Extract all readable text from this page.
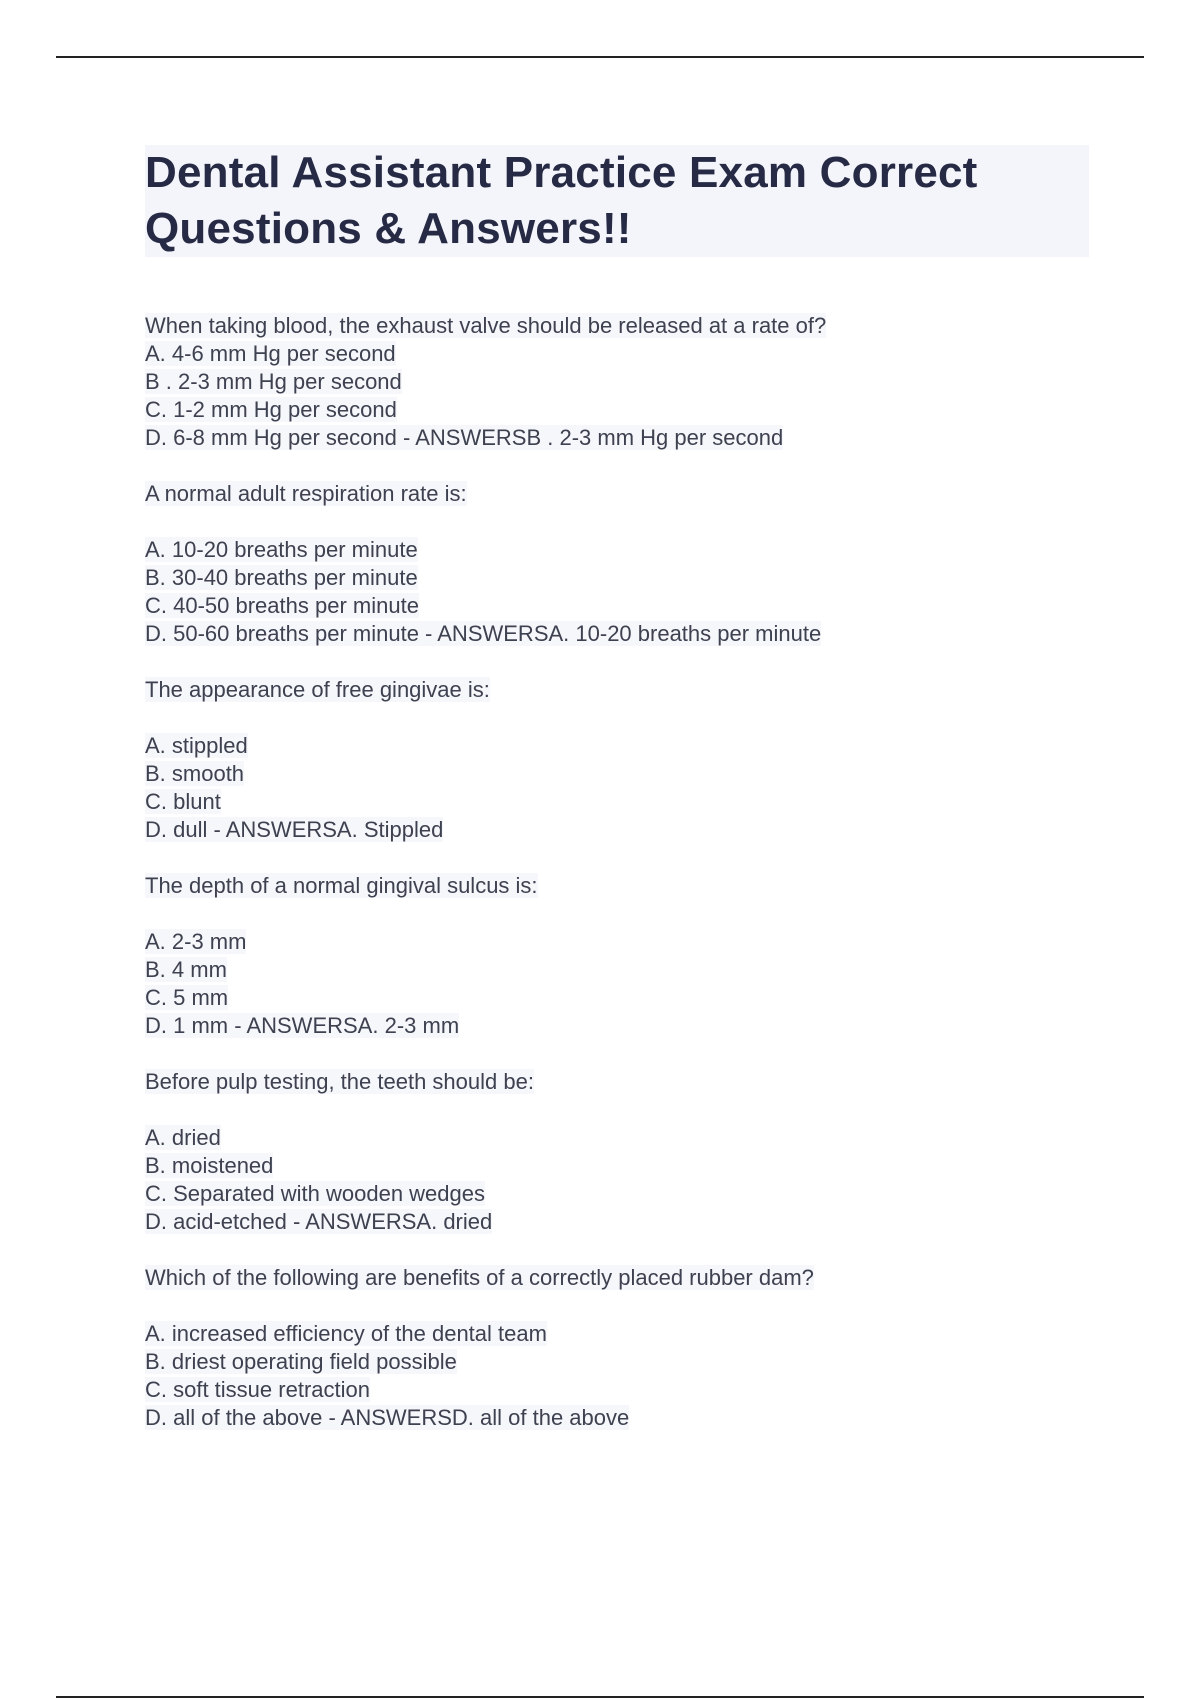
Dental Assistant Practice Exam Correct Questions & Answers!!
When taking blood, the exhaust valve should be released at a rate of?
A. 4-6 mm Hg per second
B . 2-3 mm Hg per second
C. 1-2 mm Hg per second
D. 6-8 mm Hg per second - ANSWERSB . 2-3 mm Hg per second
A normal adult respiration rate is:
A. 10-20 breaths per minute
B. 30-40 breaths per minute
C. 40-50 breaths per minute
D. 50-60 breaths per minute - ANSWERSA. 10-20 breaths per minute
The appearance of free gingivae is:
A. stippled
B. smooth
C. blunt
D. dull - ANSWERSA. Stippled
The depth of a normal gingival sulcus is:
A. 2-3 mm
B. 4 mm
C. 5 mm
D. 1 mm - ANSWERSA. 2-3 mm
Before pulp testing, the teeth should be:
A. dried
B. moistened
C. Separated with wooden wedges
D. acid-etched - ANSWERSA. dried
Which of the following are benefits of a correctly placed rubber dam?
A. increased efficiency of the dental team
B. driest operating field possible
C. soft tissue retraction
D. all of the above - ANSWERSD. all of the above
